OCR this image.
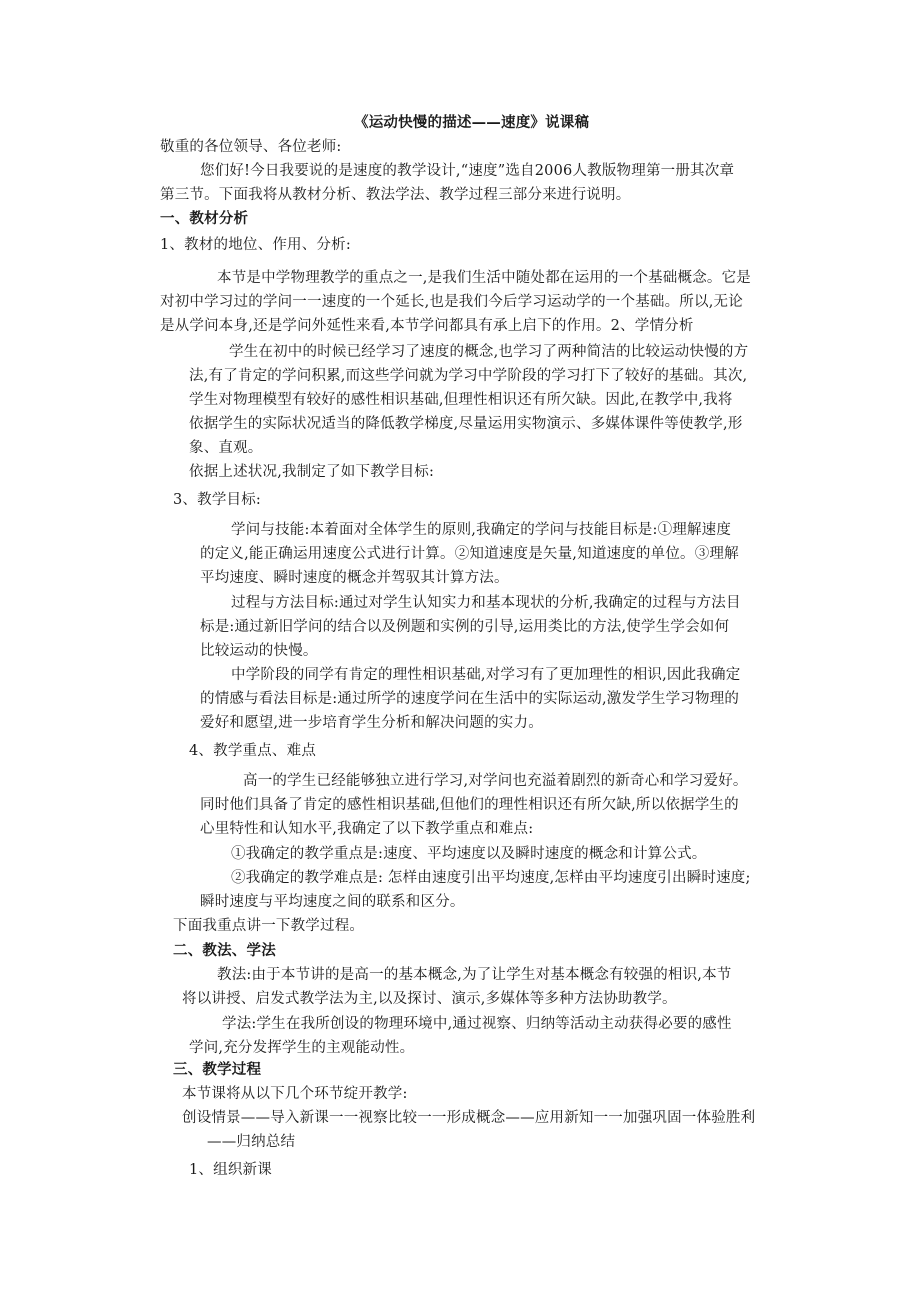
《运动快慢的描述——速度》说课稿
敬重的各位领导、各位老师:
您们好!今日我要说的是速度的教学设计,“速度”选自2006人教版物理第一册其次章
第三节。下面我将从教材分析、教法学法、教学过程三部分来进行说明。
一、教材分析
1、教材的地位、作用、分析:
本节是中学物理教学的重点之一,是我们生活中随处都在运用的一个基础概念。它是
对初中学习过的学问一一速度的一个延长,也是我们今后学习运动学的一个基础。所以,无论
是从学问本身,还是学问外延性来看,本节学问都具有承上启下的作用。2、学情分析
学生在初中的时候已经学习了速度的概念,也学习了两种简洁的比较运动快慢的方
法,有了肯定的学问积累,而这些学问就为学习中学阶段的学习打下了较好的基础。其次,
学生对物理模型有较好的感性相识基础,但理性相识还有所欠缺。因此,在教学中,我将
依据学生的实际状况适当的降低教学梯度,尽量运用实物演示、多媒体课件等使教学,形
象、直观。
依据上述状况,我制定了如下教学目标:
3、教学目标:
学问与技能:本着面对全体学生的原则,我确定的学问与技能目标是:①理解速度
的定义,能正确运用速度公式进行计算。②知道速度是矢量,知道速度的单位。③理解
平均速度、瞬时速度的概念并驾驭其计算方法。
过程与方法目标:通过对学生认知实力和基本现状的分析,我确定的过程与方法目
标是:通过新旧学问的结合以及例题和实例的引导,运用类比的方法,使学生学会如何
比较运动的快慢。
中学阶段的同学有肯定的理性相识基础,对学习有了更加理性的相识,因此我确定
的情感与看法目标是:通过所学的速度学问在生活中的实际运动,激发学生学习物理的
爱好和愿望,进一步培育学生分析和解决问题的实力。
4、教学重点、难点
高一的学生已经能够独立进行学习,对学问也充溢着剧烈的新奇心和学习爱好。
同时他们具备了肯定的感性相识基础,但他们的理性相识还有所欠缺,所以依据学生的
心里特性和认知水平,我确定了以下教学重点和难点:
①我确定的教学重点是:速度、平均速度以及瞬时速度的概念和计算公式。
②我确定的教学难点是: 怎样由速度引出平均速度,怎样由平均速度引出瞬时速度;
瞬时速度与平均速度之间的联系和区分。
下面我重点讲一下教学过程。
二、教法、学法
教法:由于本节讲的是高一的基本概念,为了让学生对基本概念有较强的相识,本节
将以讲授、启发式教学法为主,以及探讨、演示,多媒体等多种方法协助教学。
学法:学生在我所创设的物理环境中,通过视察、归纳等活动主动获得必要的感性
学问,充分发挥学生的主观能动性。
三、教学过程
本节课将从以下几个环节绽开教学:
创设情景——导入新课一一视察比较一一形成概念——应用新知一一加强巩固一体验胜利
——归纳总结
1、组织新课
